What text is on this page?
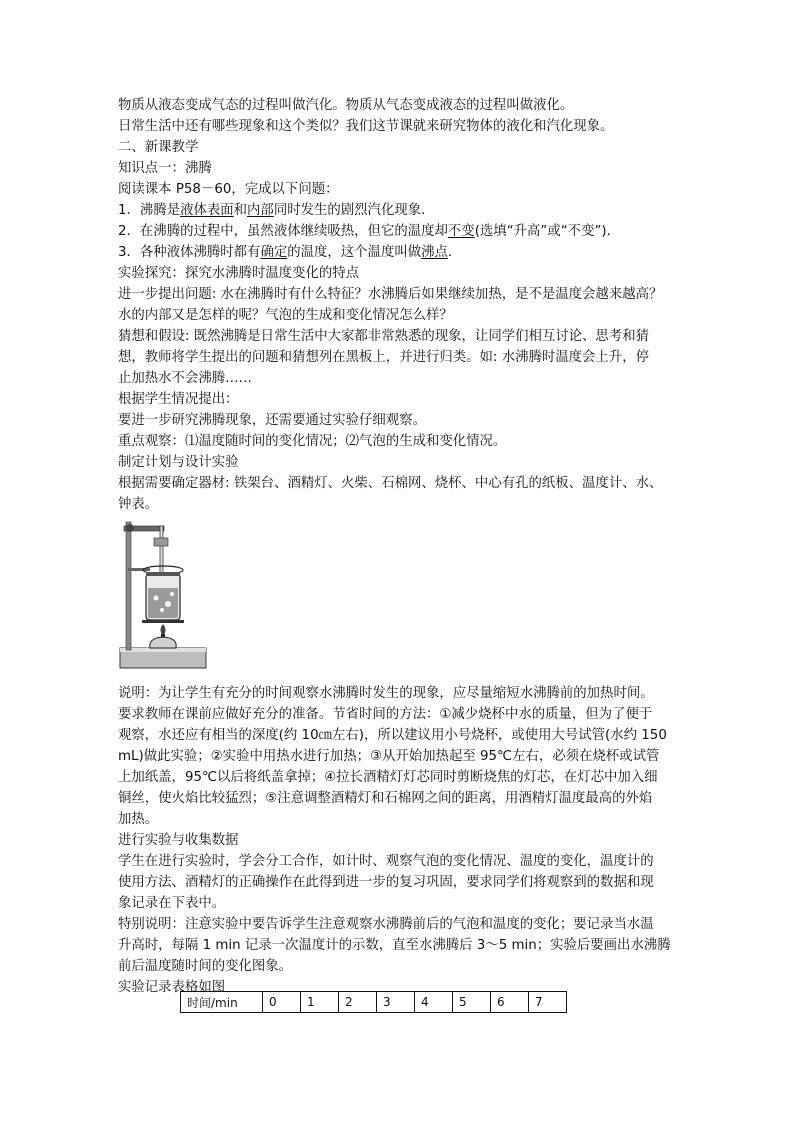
物质从液态变成气态的过程叫做汽化。物质从气态变成液态的过程叫做液化。
日常生活中还有哪些现象和这个类似？我们这节课就来研究物体的液化和汽化现象。
二、新课教学
知识点一：沸腾
阅读课本 P58－60，完成以下问题：
1．沸腾是液体表面和内部同时发生的剧烈汽化现象．
2．在沸腾的过程中，虽然液体继续吸热，但它的温度却不变(选填“升高”或“不变”)．
3．各种液体沸腾时都有确定的温度，这个温度叫做沸点.
实验探究：探究水沸腾时温度变化的特点
进一步提出问题: 水在沸腾时有什么特征？水沸腾后如果继续加热，是不是温度会越来越高？
水的内部又是怎样的呢？气泡的生成和变化情况怎么样？
猜想和假设: 既然沸腾是日常生活中大家都非常熟悉的现象，让同学们相互讨论、思考和猜
想，教师将学生提出的问题和猜想列在黑板上，并进行归类。如: 水沸腾时温度会上升，停
止加热水不会沸腾……
根据学生情况提出：
要进一步研究沸腾现象，还需要通过实验仔细观察。
重点观察：⑴温度随时间的变化情况；⑵气泡的生成和变化情况。
制定计划与设计实验
根据需要确定器材: 铁架台、酒精灯、火柴、石棉网、烧杯、中心有孔的纸板、温度计、水、
钟表。
说明：为让学生有充分的时间观察水沸腾时发生的现象，应尽量缩短水沸腾前的加热时间。
要求教师在课前应做好充分的准备。节省时间的方法：①减少烧杯中水的质量，但为了便于
观察，水还应有相当的深度(约 10㎝左右)，所以建议用小号烧杯，或使用大号试管(水约 150
mL)做此实验；②实验中用热水进行加热；③从开始加热起至 95℃左右，必须在烧杯或试管
上加纸盖，95℃以后将纸盖拿掉；④拉长酒精灯灯芯同时剪断烧焦的灯芯，在灯芯中加入细
铜丝，使火焰比较猛烈；⑤注意调整酒精灯和石棉网之间的距离，用酒精灯温度最高的外焰
加热。
进行实验与收集数据
学生在进行实验时，学会分工合作，如计时、观察气泡的变化情况、温度的变化，温度计的
使用方法、酒精灯的正确操作在此得到进一步的复习巩固，要求同学们将观察到的数据和现
象记录在下表中。
特别说明：注意实验中要告诉学生注意观察水沸腾前后的气泡和温度的变化；要记录当水温
升高时，每隔 1 min 记录一次温度计的示数，直至水沸腾后 3～5 min；实验后要画出水沸腾
前后温度随时间的变化图象。
实验记录表格如图
时间/min	0	1	2	3	4	5	6	7
